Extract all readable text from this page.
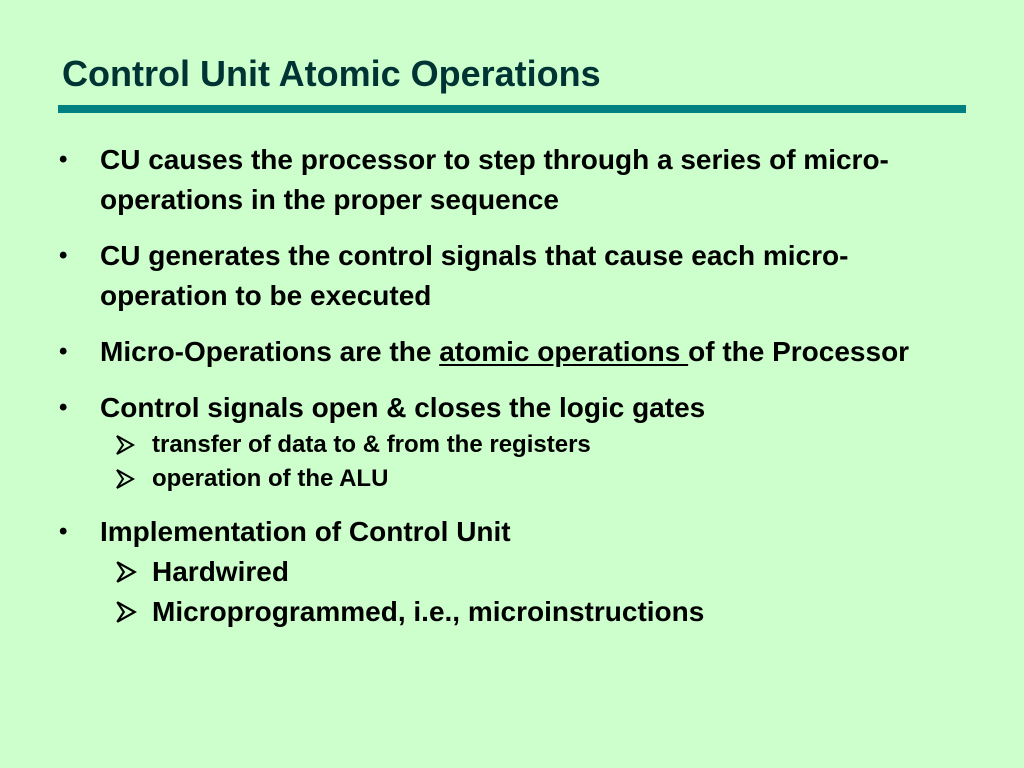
Control Unit Atomic Operations
•	CU causes the processor to step through a series of micro-operations in the proper sequence
•	CU generates the control signals that cause each micro-operation to be executed
•	Micro-Operations are the atomic operations of the Processor
•	Control signals open & closes the logic gates
transfer of data to & from the registers
operation of the ALU
•	Implementation of Control Unit
Hardwired
Microprogrammed, i.e., microinstructions
